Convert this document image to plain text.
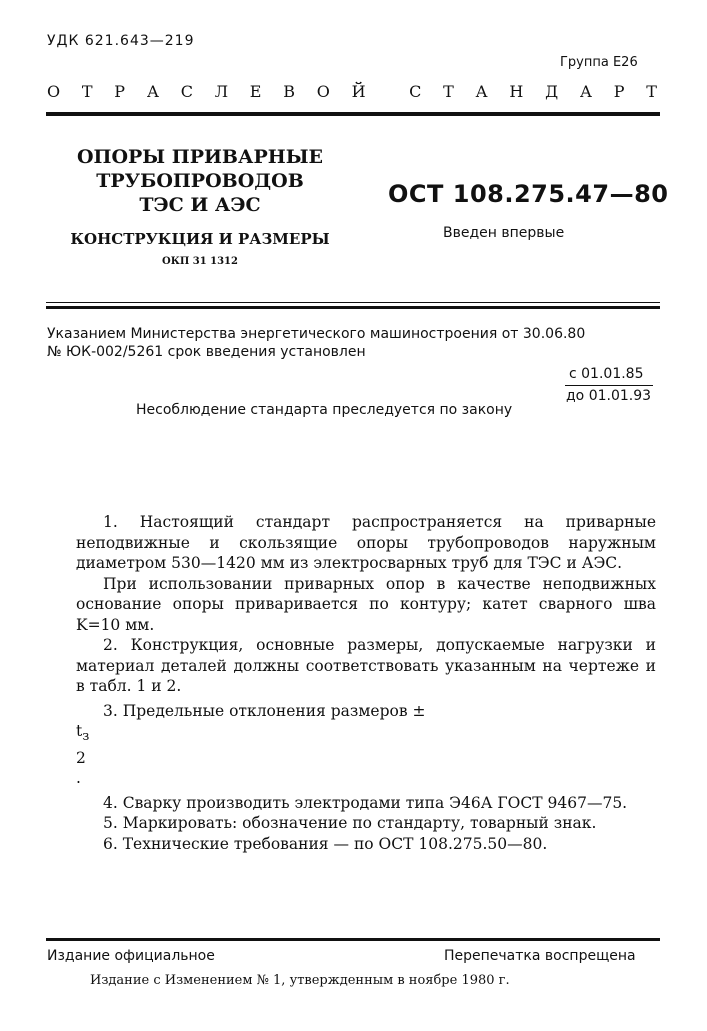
УДК 621.643—219
Группа Е26
О Т Р А С Л Е В О Й	С Т А Н Д А Р Т
ОПОРЫ ПРИВАРНЫЕ
ТРУБОПРОВОДОВ
ТЭС И АЭС
КОНСТРУКЦИЯ И РАЗМЕРЫ
ОКП 31 1312
ОСТ 108.275.47—80
Введен впервые
Указанием Министерства энергетического машиностроения от 30.06.80
№ ЮК-002/5261 срок введения установлен
с 01.01.85
до 01.01.93
Несоблюдение стандарта преследуется по закону

1. Настоящий стандарт распространяется на приварные неподвижные и скользящие опоры трубопроводов наружным диаметром 530—1420 мм из электросварных труб для ТЭС и АЭС.

При использовании приварных опор в качестве неподвижных основание опоры приваривается по контуру; катет сварного шва K=10 мм.

2. Конструкция, основные размеры, допускаемые нагрузки и материал деталей должны соответствовать указанным на чертеже и в табл. 1 и 2.

3. Предельные отклонения размеров ±

$t_з$
2
.

4. Сварку производить электродами типа Э46А ГОСТ 9467—75.

5. Маркировать: обозначение по стандарту, товарный знак.

6. Технические требования — по ОСТ 108.275.50—80.

Издание официальное	Перепечатка воспрещена
Издание с Изменением № 1, утвержденным в ноябре 1980 г.
